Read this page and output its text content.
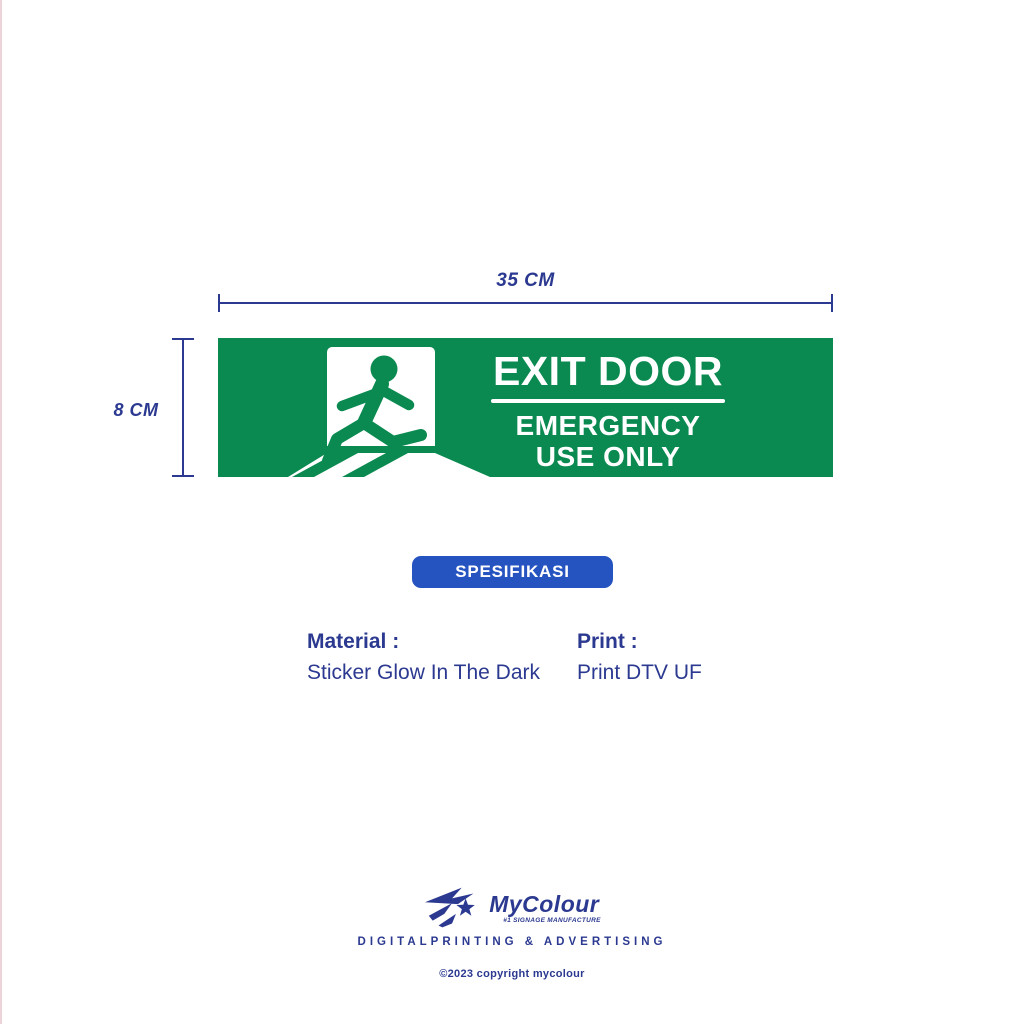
35 CM
8 CM
EXIT DOOR
EMERGENCY
USE ONLY
SPESIFIKASI
Material :
Sticker Glow In The Dark
Print :
Print DTV UF
MyColour
#1 SIGNAGE MANUFACTURE
DIGITALPRINTING & ADVERTISING
©2023 copyright mycolour
